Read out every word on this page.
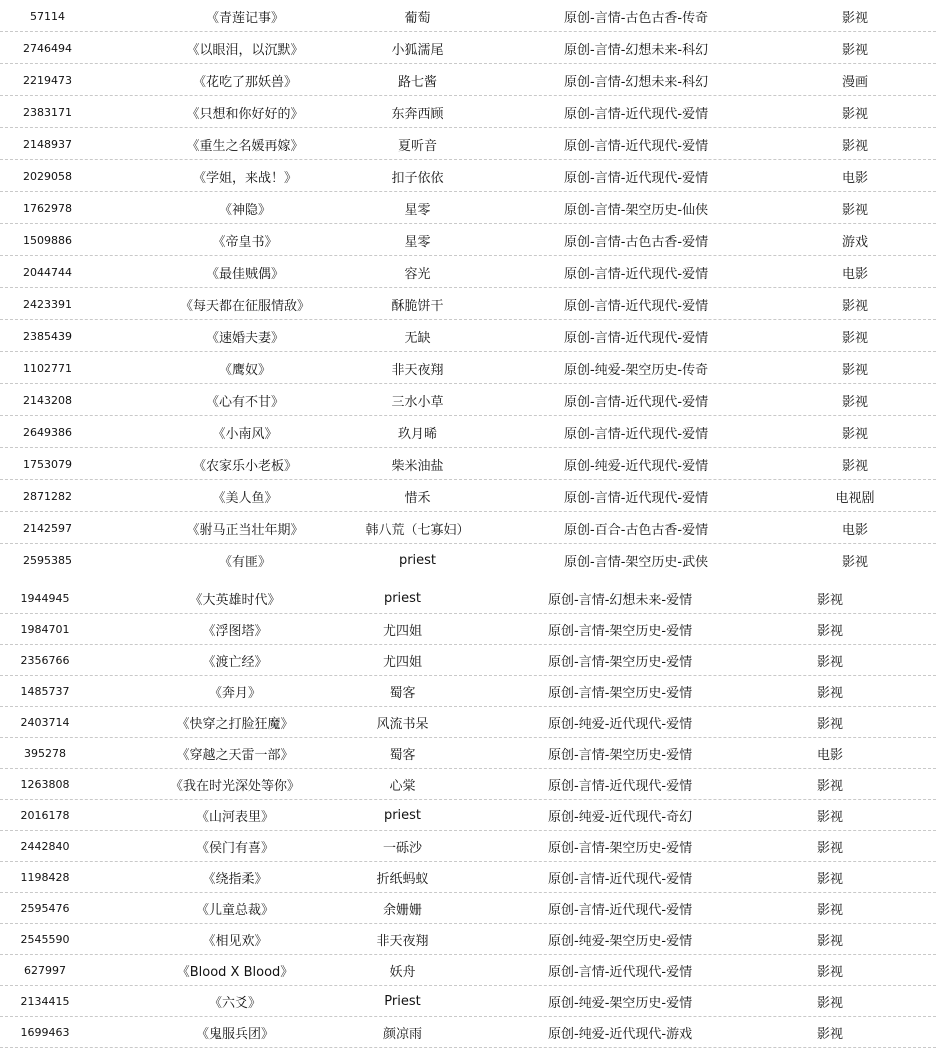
57114	《青莲记事》	葡萄	原创-言情-古色古香-传奇	影视
2746494	《以眼泪，以沉默》	小狐濡尾	原创-言情-幻想未来-科幻	影视
2219473	《花吃了那妖兽》	路七酱	原创-言情-幻想未来-科幻	漫画
2383171	《只想和你好好的》	东奔西顾	原创-言情-近代现代-爱情	影视
2148937	《重生之名媛再嫁》	夏听音	原创-言情-近代现代-爱情	影视
2029058	《学姐，来战！》	扣子依依	原创-言情-近代现代-爱情	电影
1762978	《神隐》	星零	原创-言情-架空历史-仙侠	影视
1509886	《帝皇书》	星零	原创-言情-古色古香-爱情	游戏
2044744	《最佳贼偶》	容光	原创-言情-近代现代-爱情	电影
2423391	《每天都在征服情敌》	酥脆饼干	原创-言情-近代现代-爱情	影视
2385439	《速婚夫妻》	无缺	原创-言情-近代现代-爱情	影视
1102771	《鹰奴》	非天夜翔	原创-纯爱-架空历史-传奇	影视
2143208	《心有不甘》	三水小草	原创-言情-近代现代-爱情	影视
2649386	《小南风》	玖月晞	原创-言情-近代现代-爱情	影视
1753079	《农家乐小老板》	柴米油盐	原创-纯爱-近代现代-爱情	影视
2871282	《美人鱼》	惜禾	原创-言情-近代现代-爱情	电视剧
2142597	《驸马正当壮年期》	韩八荒（七寡妇）	原创-百合-古色古香-爱情	电影
2595385	《有匪》	priest	原创-言情-架空历史-武侠	影视
1944945	《大英雄时代》	priest	原创-言情-幻想未来-爱情	影视
1984701	《浮图塔》	尤四姐	原创-言情-架空历史-爱情	影视
2356766	《渡亡经》	尤四姐	原创-言情-架空历史-爱情	影视
1485737	《奔月》	蜀客	原创-言情-架空历史-爱情	影视
2403714	《快穿之打脸狂魔》	风流书呆	原创-纯爱-近代现代-爱情	影视
395278	《穿越之天雷一部》	蜀客	原创-言情-架空历史-爱情	电影
1263808	《我在时光深处等你》	心棠	原创-言情-近代现代-爱情	影视
2016178	《山河表里》	priest	原创-纯爱-近代现代-奇幻	影视
2442840	《侯门有喜》	一砾沙	原创-言情-架空历史-爱情	影视
1198428	《绕指柔》	折纸蚂蚁	原创-言情-近代现代-爱情	影视
2595476	《儿童总裁》	余姗姗	原创-言情-近代现代-爱情	影视
2545590	《相见欢》	非天夜翔	原创-纯爱-架空历史-爱情	影视
627997	《Blood X Blood》	妖舟	原创-言情-近代现代-爱情	影视
2134415	《六爻》	Priest	原创-纯爱-架空历史-爱情	影视
1699463	《鬼服兵团》	颜凉雨	原创-纯爱-近代现代-游戏	影视
